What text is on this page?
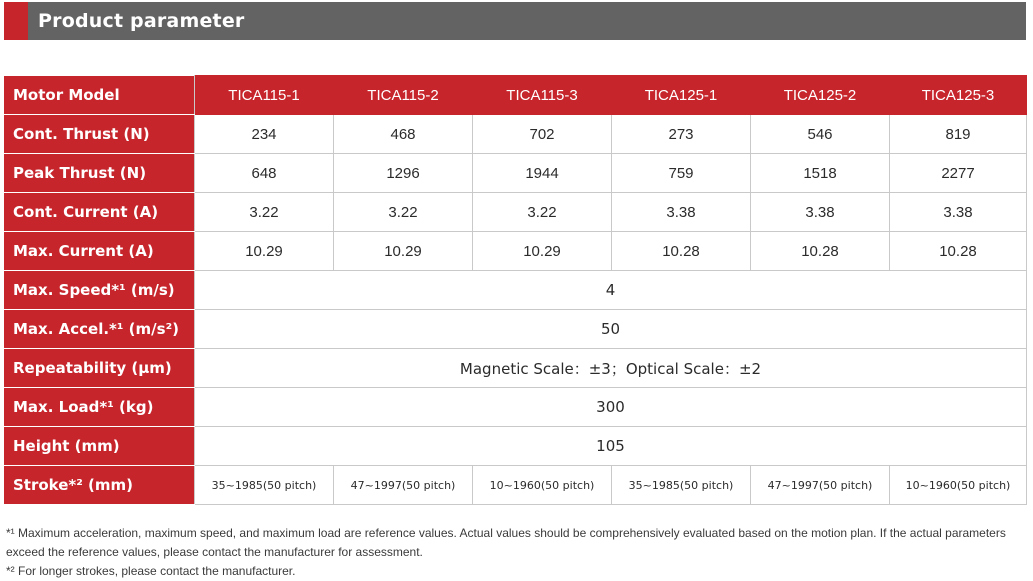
Product parameter
Motor Model	TICA115-1	TICA115-2	TICA115-3	TICA125-1	TICA125-2	TICA125-3
Cont. Thrust (N)	234	468	702	273	546	819
Peak Thrust (N)	648	1296	1944	759	1518	2277
Cont. Current (A)	3.22	3.22	3.22	3.38	3.38	3.38
Max. Current (A)	10.29	10.29	10.29	10.28	10.28	10.28
Max. Speed*¹ (m/s)	4					
Max. Accel.*¹ (m/s²)	50					
Repeatability (μm)	Magnetic Scale：±3；Optical Scale：±2					
Max. Load*¹ (kg)	300					
Height (mm)	105					
Stroke*² (mm)	35~1985(50 pitch)	47~1997(50 pitch)	10~1960(50 pitch)	35~1985(50 pitch)	47~1997(50 pitch)	10~1960(50 pitch)

*¹ Maximum acceleration, maximum speed, and maximum load are reference values. Actual values should be comprehensively evaluated based on the motion plan. If the actual parameters exceed the reference values, please contact the manufacturer for assessment.

*² For longer strokes, please contact the manufacturer.
